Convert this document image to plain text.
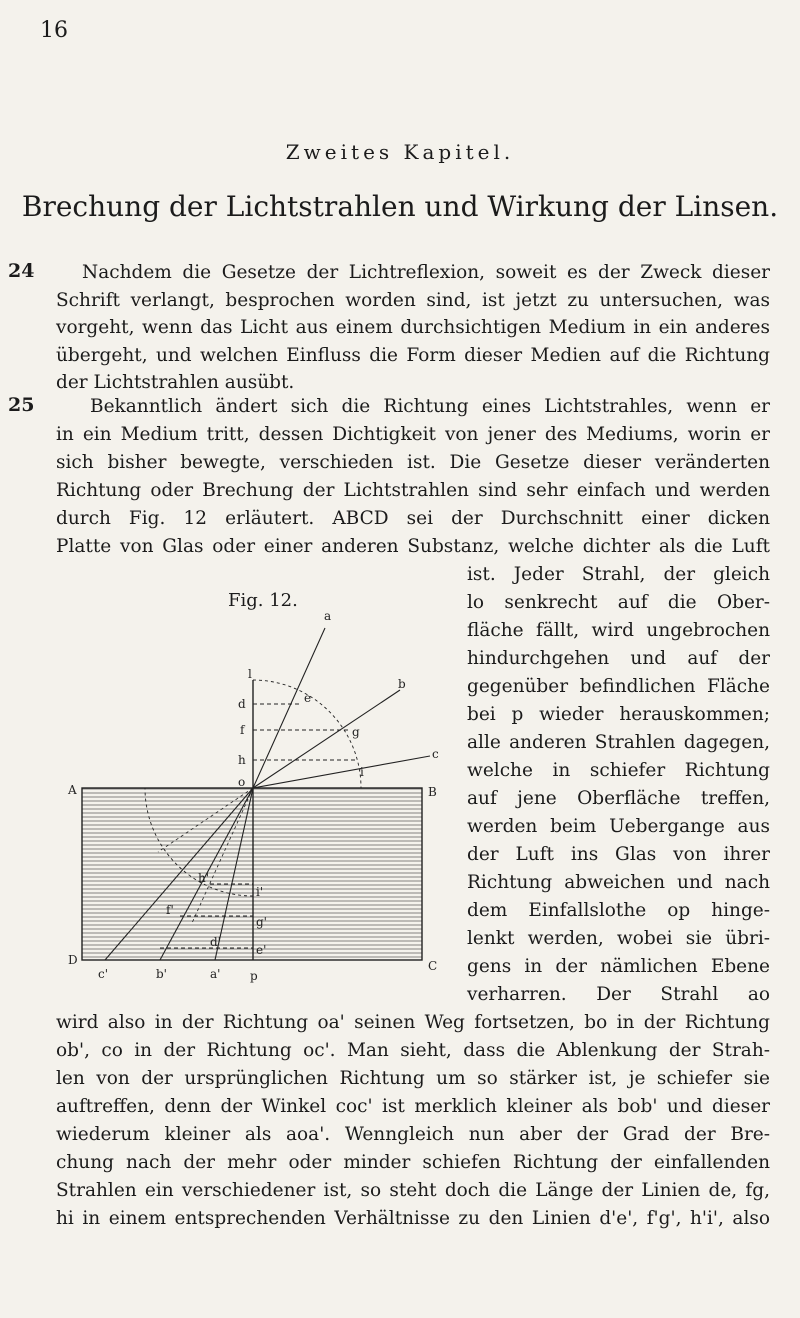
16
Zweites Kapitel.
Brechung der Lichtstrahlen und Wirkung der Linsen.
24	Nachdem die Gesetze der Lichtreflexion, soweit es der Zweck dieser Schrift verlangt, besprochen worden sind, ist jetzt zu untersuchen, was vorgeht, wenn das Licht aus einem durchsichtigen Medium in ein anderes übergeht, und welchen Einfluss die Form dieser Medien auf die Richtung der Lichtstrahlen ausübt.
25	Bekanntlich ändert sich die Richtung eines Lichtstrahles, wenn er
in ein Medium tritt, dessen Dichtigkeit von jener des Mediums, worin er
sich bisher bewegte, verschieden ist. Die Gesetze dieser veränderten
Richtung oder Brechung der Lichtstrahlen sind sehr einfach und werden
durch Fig. 12 erläutert. ABCD sei der Durchschnitt einer dicken
Platte von Glas oder einer anderen Substanz, welche dichter als die Luft
ist. Jeder Strahl, der gleich
lo senkrecht auf die Ober-
fläche fällt, wird ungebrochen
hindurchgehen und auf der
gegenüber befindlichen Fläche
bei p wieder herauskommen;
alle anderen Strahlen dagegen,
welche in schiefer Richtung
auf jene Oberfläche treffen,
werden beim Uebergange aus
der Luft ins Glas von ihrer
Richtung abweichen und nach
dem Einfallslothe op hinge-
lenkt werden, wobei sie übri-
gens in der nämlichen Ebene
verharren. Der Strahl ao
wird also in der Richtung oa' seinen Weg fortsetzen, bo in der Richtung
ob', co in der Richtung oc'. Man sieht, dass die Ablenkung der Strah-
len von der ursprünglichen Richtung um so stärker ist, je schiefer sie
auftreffen, denn der Winkel coc' ist merklich kleiner als bob' und dieser
wiederum kleiner als aoa'. Wenngleich nun aber der Grad der Bre-
chung nach der mehr oder minder schiefen Richtung der einfallenden
Strahlen ein verschiedener ist, so steht doch die Länge der Linien de, fg,
hi in einem entsprechenden Verhältnisse zu den Linien d'e', f'g', h'i', also
Fig. 12.
a
b
c
l
d
f
h
e
g
i
o
A	B
C
D
c'	b'	a' p
i'
g'
e'
h'
f'
d'
